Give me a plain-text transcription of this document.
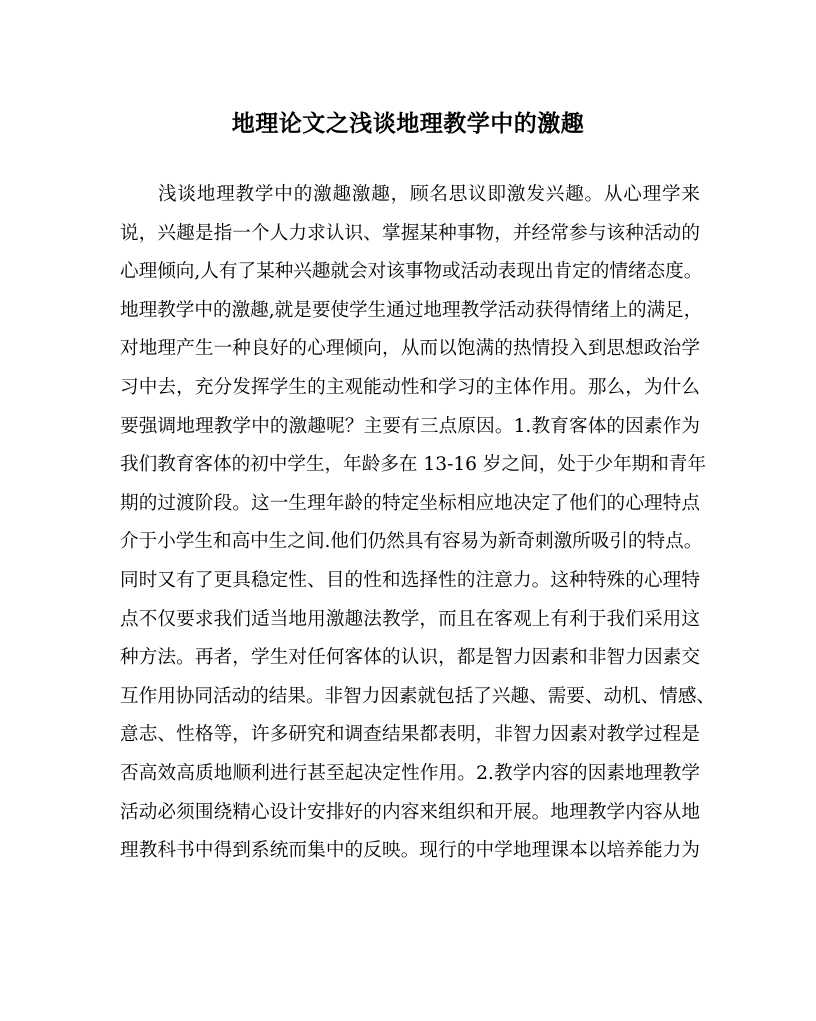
地理论文之浅谈地理教学中的激趣
浅谈地理教学中的激趣激趣，顾名思议即激发兴趣。从心理学来
说，兴趣是指一个人力求认识、掌握某种事物，并经常参与该种活动的
心理倾向,人有了某种兴趣就会对该事物或活动表现出肯定的情绪态度。
地理教学中的激趣,就是要使学生通过地理教学活动获得情绪上的满足，
对地理产生一种良好的心理倾向，从而以饱满的热情投入到思想政治学
习中去，充分发挥学生的主观能动性和学习的主体作用。那么，为什么
要强调地理教学中的激趣呢？主要有三点原因。1.教育客体的因素作为
我们教育客体的初中学生，年龄多在 13-16 岁之间，处于少年期和青年
期的过渡阶段。这一生理年龄的特定坐标相应地决定了他们的心理特点
介于小学生和高中生之间.他们仍然具有容易为新奇刺激所吸引的特点。
同时又有了更具稳定性、目的性和选择性的注意力。这种特殊的心理特
点不仅要求我们适当地用激趣法教学，而且在客观上有利于我们采用这
种方法。再者，学生对任何客体的认识，都是智力因素和非智力因素交
互作用协同活动的结果。非智力因素就包括了兴趣、需要、动机、情感、
意志、性格等，许多研究和调查结果都表明，非智力因素对教学过程是
否高效高质地顺利进行甚至起决定性作用。2.教学内容的因素地理教学
活动必须围绕精心设计安排好的内容来组织和开展。地理教学内容从地
理教科书中得到系统而集中的反映。现行的中学地理课本以培养能力为
